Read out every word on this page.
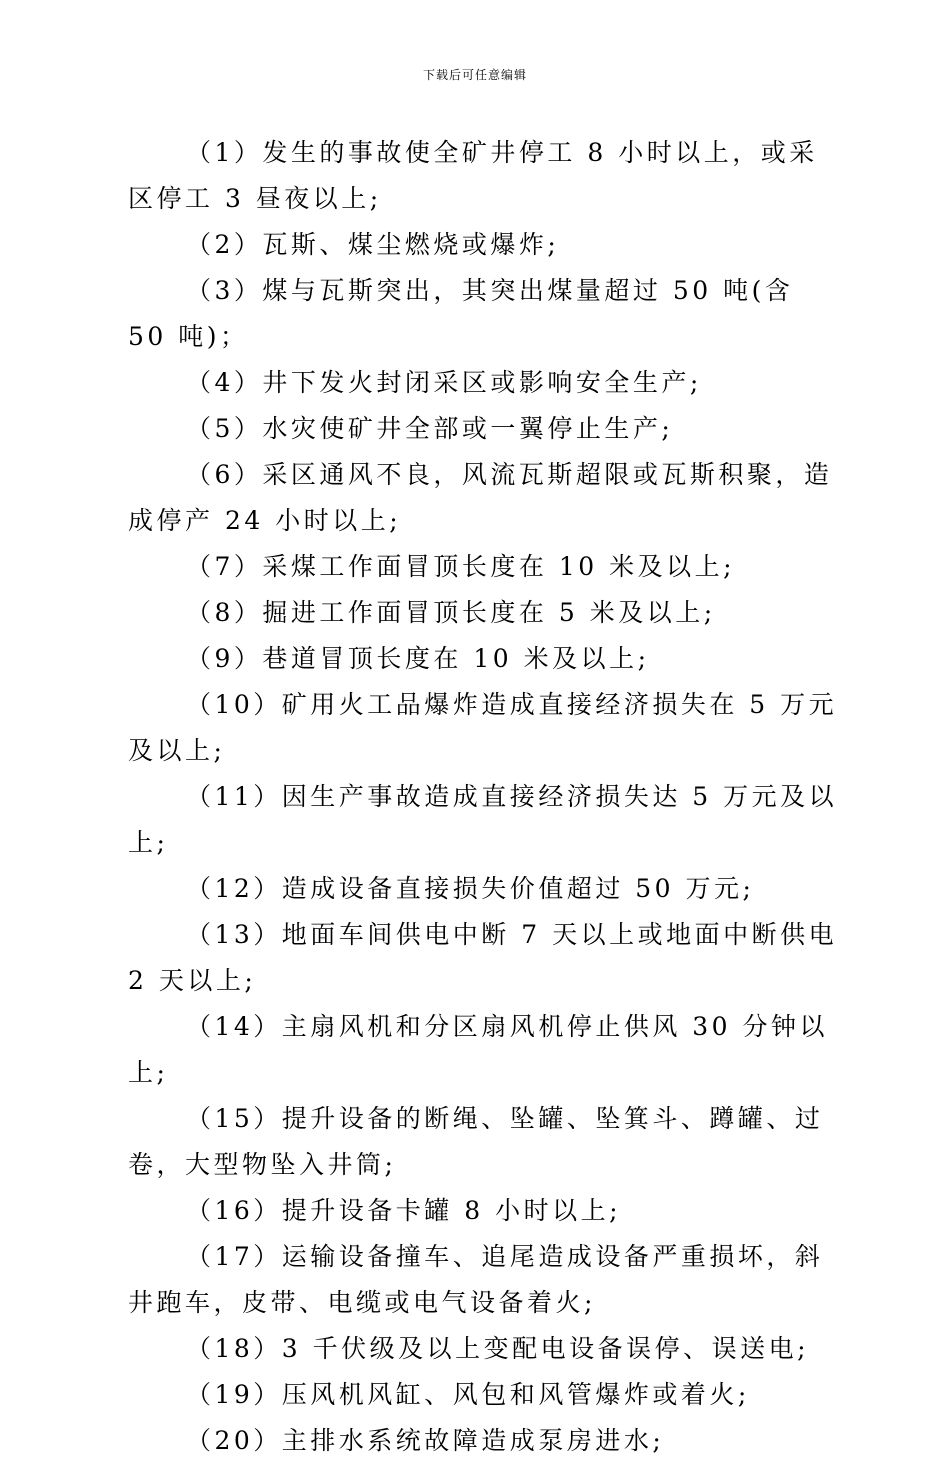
下载后可任意编辑

（1）发生的事故使全矿井停工 8 小时以上，或采区停工 3 昼夜以上;

（2）瓦斯、煤尘燃烧或爆炸;

（3）煤与瓦斯突出，其突出煤量超过 50 吨(含 50 吨)；

（4）井下发火封闭采区或影响安全生产;

（5）水灾使矿井全部或一翼停止生产;

（6）采区通风不良，风流瓦斯超限或瓦斯积聚，造成停产 24 小时以上;

（7）采煤工作面冒顶长度在 10 米及以上;

（8）掘进工作面冒顶长度在 5 米及以上;

（9）巷道冒顶长度在 10 米及以上;

（10）矿用火工品爆炸造成直接经济损失在 5 万元及以上;

（11）因生产事故造成直接经济损失达 5 万元及以上;

（12）造成设备直接损失价值超过 50 万元;

（13）地面车间供电中断 7 天以上或地面中断供电 2 天以上;

（14）主扇风机和分区扇风机停止供风 30 分钟以上;

（15）提升设备的断绳、坠罐、坠箕斗、蹲罐、过卷，大型物坠入井筒;

（16）提升设备卡罐 8 小时以上;

（17）运输设备撞车、追尾造成设备严重损坏，斜井跑车，皮带、电缆或电气设备着火;

（18）3 千伏级及以上变配电设备误停、误送电;

（19）压风机风缸、风包和风管爆炸或着火;

（20）主排水系统故障造成泵房进水;
